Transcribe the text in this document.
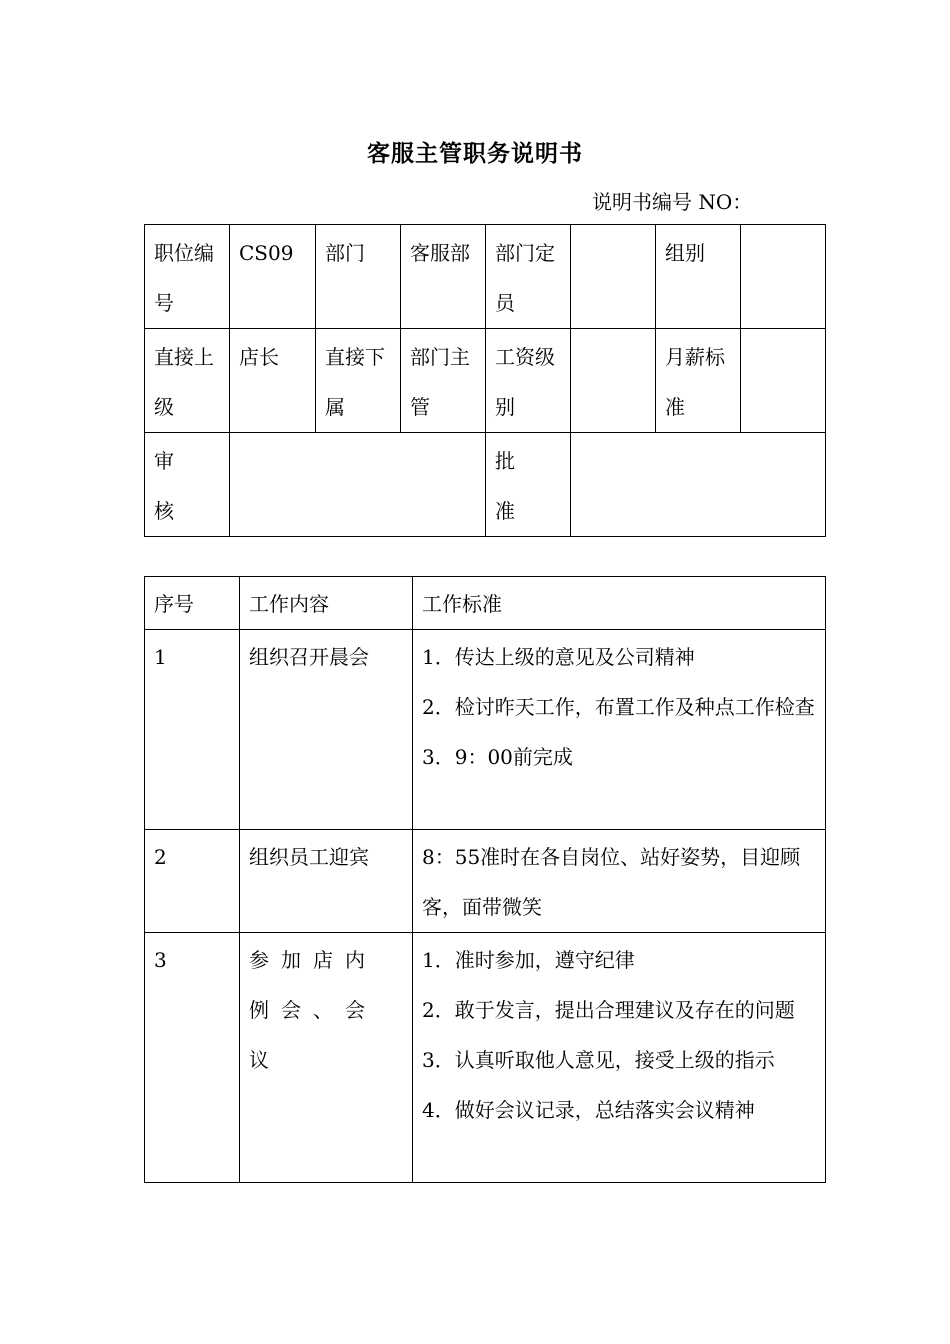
客服主管职务说明书
说明书编号 NO：
职位编号	CS09	部门	客服部	部门定员		组别	
直接上级	店长	直接下属	部门主管	工资级别		月薪标准	
审核				批准			
序号	工作内容	工作标准
1	组织召开晨会	1．传达上级的意见及公司精神
2．检讨昨天工作，布置工作及种点工作检查
3．9：00前完成

2	组织员工迎宾	8：55准时在各自岗位、站好姿势，目迎顾客，面带微笑

3	参加店内例会、会议	1．准时参加，遵守纪律
2．敢于发言，提出合理建议及存在的问题
3．认真听取他人意见，接受上级的指示
4．做好会议记录，总结落实会议精神
